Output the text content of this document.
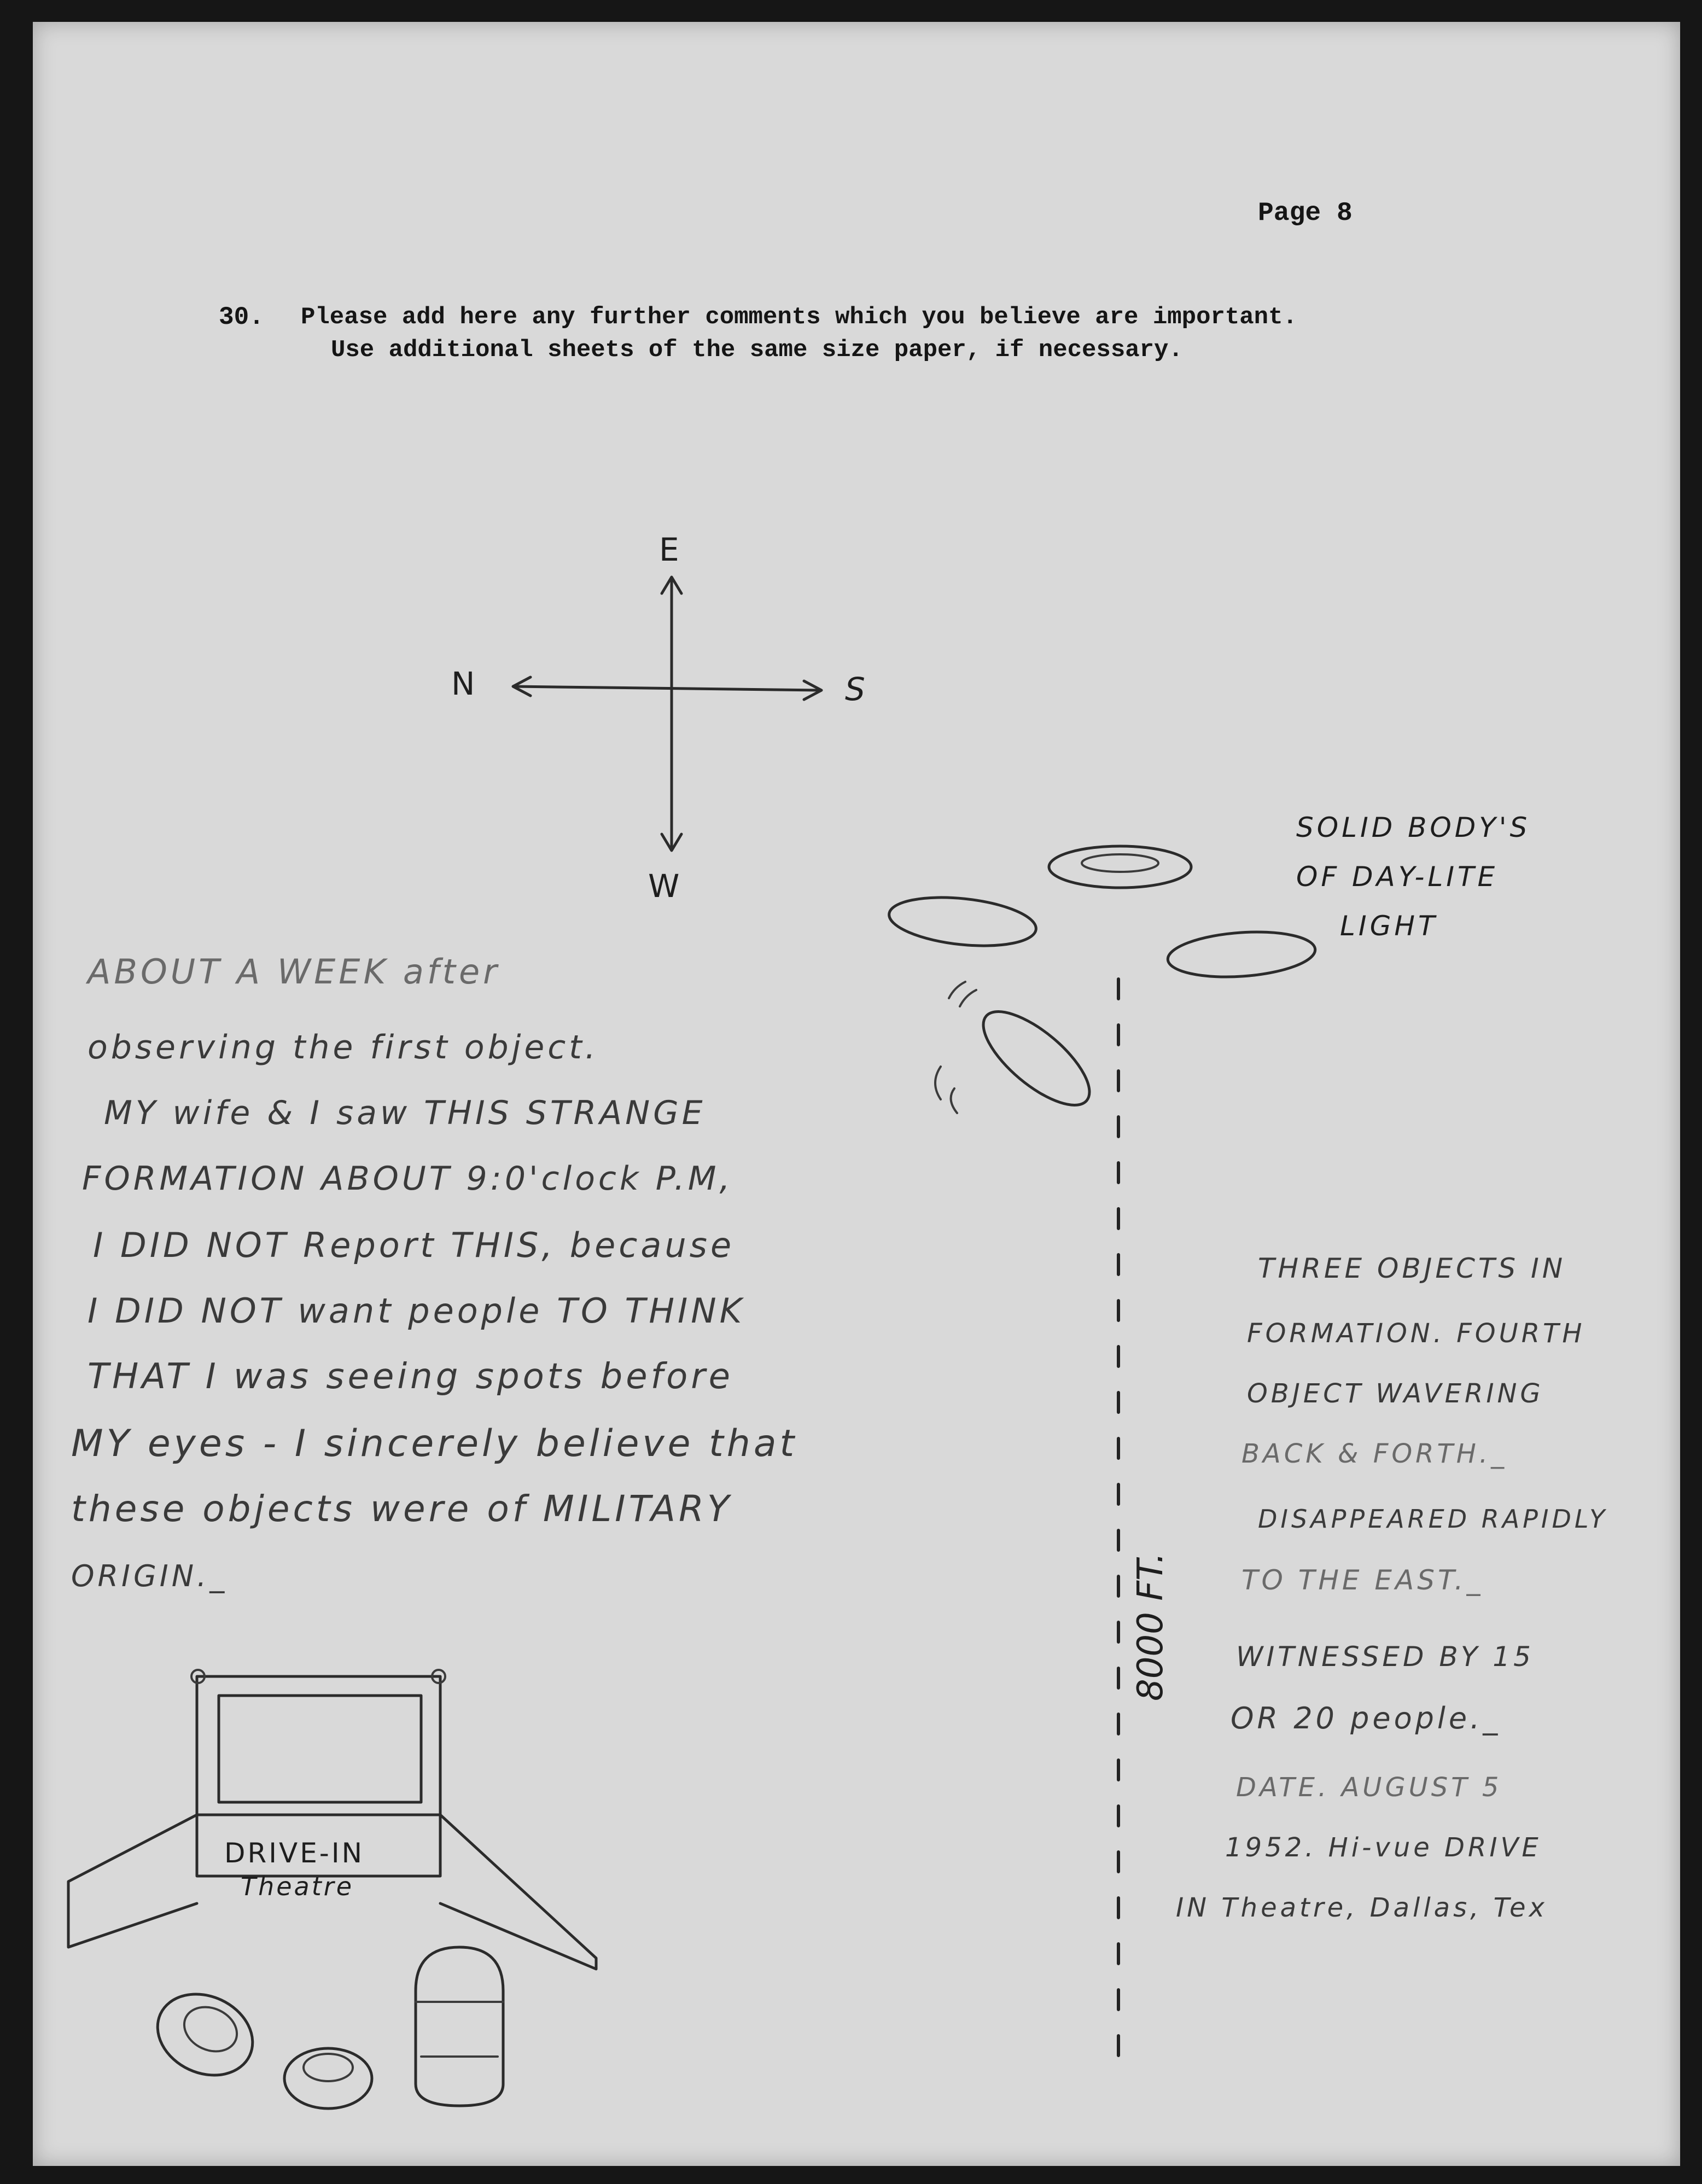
Page 8
30. Please add here any further comments which you believe are important.
Use additional sheets of the same size paper, if necessary.
ABOUT A WEEK after
observing the first object.
MY wife & I saw THIS STRANGE
FORMATION ABOUT 9:0'clock P.M,
I DID NOT Report THIS, because
I DID NOT want people TO THINK
THAT I was seeing spots before
MY eyes - I sincerely believe that
these objects were of MILITARY
ORIGIN._
THREE OBJECTS IN
FORMATION. FOURTH
OBJECT WAVERING
BACK & FORTH._
DISAPPEARED RAPIDLY
TO THE EAST._
WITNESSED BY 15
OR 20 people._
DATE. AUGUST 5
1952. Hi-vue DRIVE
IN Theatre, Dallas, Tex
E
N	S
W
SOLID BODY'S
OF DAY-LITE
LIGHT
8000 FT.
DRIVE-IN
Theatre
